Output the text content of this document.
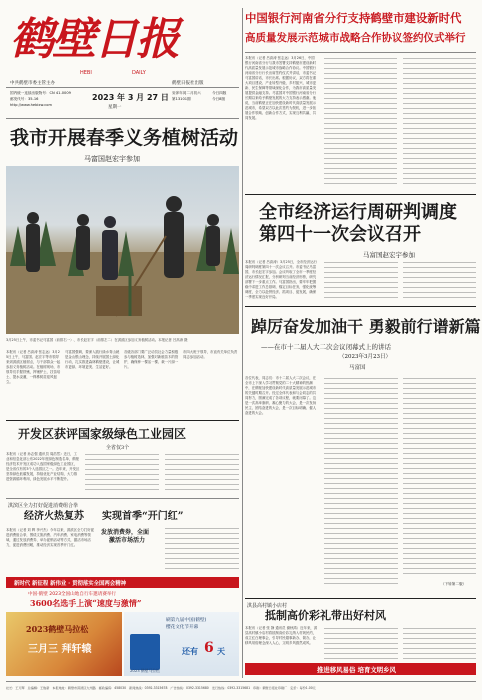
鹤壁日报
HEBI	DAILY
中共鹤壁市委主管主办	鹤壁日报社出版
国内统一连续出版物号：CN 41-0009
邮发代号：35-16
http://www.hebixw.com
2023 年 3 月 27 日
星期一
癸卯年闰二月初六	今日四版
第13101期	今日8版
中国银行河南省分行支持鹤壁市建设新时代
高质量发展示范城市战略合作协议签约仪式举行
本报讯（记者 吕高涛 张志远）3月26日，中国银行河南省分行与我市签署支持鹤壁市建设新时代高质量发展示范城市战略合作协议。中国银行河南省分行行长出席签约仪式并讲话，市委书记马富国讲话，市长出席。根据协议，双方将在重大项目建设、产业转型升级、乡村振兴、城市更新、民生保障等领域深化合作，为我市高质量发展提供金融支持。马富国对中国银行河南省分行长期以来给予鹤壁发展的大力支持表示感谢。他说，当前鹤壁正在加快建设新时代高质量发展示范城市，希望双方以此次签约为契机，进一步拓展合作领域、创新合作方式，实现互利共赢、共同发展。
我市开展春季义务植树活动
马富国赵宏宇参加
3月25日上午，市委书记马富国（前排右一）、市长赵宏宇（前排左二）在淇滨区参加义务植树活动。本报记者 吕高涛 摄
本报讯（记者 吕高涛 张志远）3月25日上午，马富国、赵宏宇等市领导来到淇滨区植树点，与干部群众一起参加义务植树活动。在植树现场，市领导们手握铁锹，挥锹铲土、扶苗培土、提水浇灌，一株株树苗迎风挺立。
马富国强调，要深入践行绿水青山就是金山银山理念，持续开展国土绿化行动，扎实推进森林鹤壁建设，让城市更绿、环境更美、生活更好。
各级各部门要广泛动员社会力量积极参与植树造林，加强对新植苗木的管护，确保种一棵活一棵、栽一片绿一片。
市四大班子领导，市直有关单位负责同志参加活动。
全市经济运行周研判调度
第四十一次会议召开
马富国赵宏宇参加
本报讯（记者 吕高涛）3月25日，全市经济运行周研判调度第四十一次会议召开。市委书记马富国，市长赵宏宇参加。会议听取了全市一季度经济运行情况汇报，分析研判当前经济形势，研究部署下一步重点工作。马富国指出，要牢牢把握稳中求进工作总基调，锚定目标任务，强化统筹调度，全力以赴拼经济、抓项目、促发展，确保一季度实现良好开局。
踔厉奋发加油干 勇毅前行谱新篇
——在市十二届人大二次会议闭幕式上的讲话
（2023年3月23日）
马富国
各位代表，同志们：市十二届人大二次会议，在全市上下深入学习贯彻党的二十大精神的热潮中，在鹤壁加快建设新时代高质量发展示范城市的关键时期召开。经过全体代表和与会同志的共同努力，圆满完成了各项议程，就要闭幕了。这是一次高举旗帜、凝心聚力的大会，是一次发扬民主、团结奋进的大会，是一次目标明确、催人奋进的大会。
（下转第二版）
开发区获评国家级绿色工业园区
全省仅3个
本报讯（记者 孙志强 通讯员 周浩然）近日，工业和信息化部公布2022年度绿色制造名单，鹤壁经济技术开发区成功入选国家级绿色工业园区，是全省仅有的3个入选园区之一。近年来，开发区坚持绿色低碳发展，持续优化产业结构，大力推进资源循环利用，绿色发展水平不断提升。
淇滨区全力打好促进消费组合拳
经济火热复苏 实现首季“开门红”
发放消费券，全面
激活市场活力
本报讯（记者 刘 辉 李兴杰）今年以来，淇滨区全力打好促进消费组合拳，围绕文旅消费、汽车消费、家电消费等领域，通过发放消费券、举办促销活动等方式，激活市场活力，促进消费回暖，推动经济实现首季开门红。
新时代 新征程 新伟业 · 贯彻落实全国两会精神
中国·鹤壁 2023全国山地自行车邀请赛举行
3600名选手上演“速度与激情”
2023鹤壁马拉松
三月三 拜轩辕
刷第九届中国(鹤壁)
樱花文化节开幕
2023 鹤壁马拉松
还有 6 天
淇县高村镇小店村
抵制高价彩礼带出好村风
本报讯（记者 张 静 通讯员 谢秋鸿）近年来，淇县高村镇小店村将抵制高价彩礼纳入村规民约，成立红白理事会，引导村民婚事新办、简办，让移风易俗理念深入人心，文明乡风蔚然成风。
推进移风易俗 培育文明乡风
社长：王万辉　总编辑：王俊新　本报地址：鹤壁市淇滨区九州路　邮政编码：458030　新闻热线：0392-3315678　广告热线：0392-3315680　发行热线：0392-3315681　印刷：鹤壁日报社印刷厂　定价：每份1.00元
